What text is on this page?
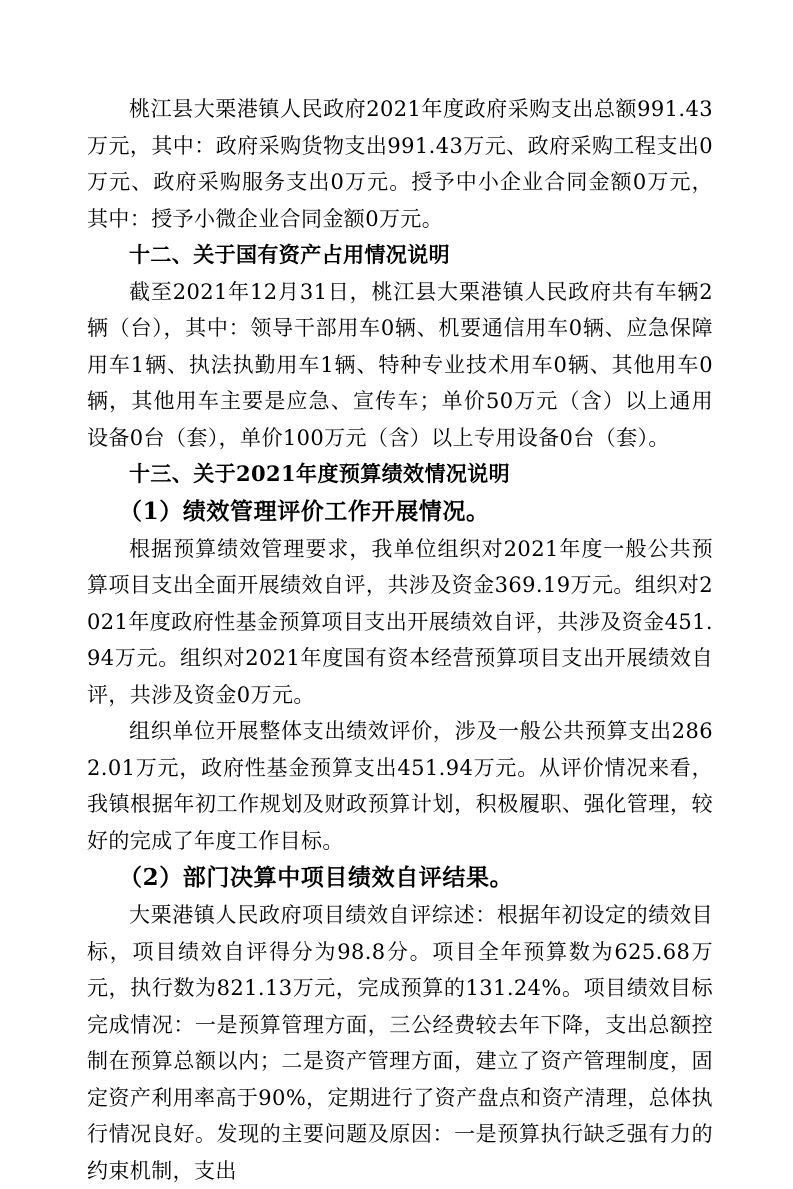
桃江县大栗港镇人民政府2021年度政府采购支出总额991.43万元，其中：政府采购货物支出991.43万元、政府采购工程支出0万元、政府采购服务支出0万元。授予中小企业合同金额0万元，其中：授予小微企业合同金额0万元。

十二、关于国有资产占用情况说明

截至2021年12月31日，桃江县大栗港镇人民政府共有车辆2辆（台），其中：领导干部用车0辆、机要通信用车0辆、应急保障用车1辆、执法执勤用车1辆、特种专业技术用车0辆、其他用车0辆，其他用车主要是应急、宣传车；单价50万元（含）以上通用设备0台（套），单价100万元（含）以上专用设备0台（套）。

十三、关于2021年度预算绩效情况说明

（1）绩效管理评价工作开展情况。

根据预算绩效管理要求，我单位组织对2021年度一般公共预算项目支出全面开展绩效自评，共涉及资金369.19万元。组织对2021年度政府性基金预算项目支出开展绩效自评，共涉及资金451.94万元。组织对2021年度国有资本经营预算项目支出开展绩效自评，共涉及资金0万元。

组织单位开展整体支出绩效评价，涉及一般公共预算支出2862.01万元，政府性基金预算支出451.94万元。从评价情况来看，我镇根据年初工作规划及财政预算计划，积极履职、强化管理，较好的完成了年度工作目标。

（2）部门决算中项目绩效自评结果。

大栗港镇人民政府项目绩效自评综述：根据年初设定的绩效目标，项目绩效自评得分为98.8分。项目全年预算数为625.68万元，执行数为821.13万元，完成预算的131.24%。项目绩效目标完成情况：一是预算管理方面，三公经费较去年下降，支出总额控制在预算总额以内；二是资产管理方面，建立了资产管理制度，固定资产利用率高于90%，定期进行了资产盘点和资产清理，总体执行情况良好。发现的主要问题及原因：一是预算执行缺乏强有力的约束机制，支出
